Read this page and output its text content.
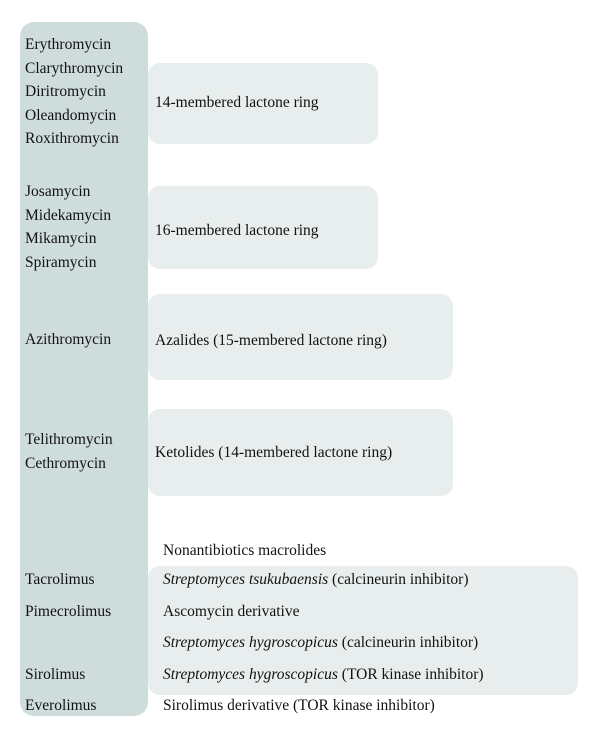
Erythromycin
Clarythromycin
Diritromycin
Oleandomycin
Roxithromycin
14-membered lactone ring
Josamycin
Midekamycin
Mikamycin
Spiramycin
16-membered lactone ring
Azithromycin	Azalides (15-membered lactone ring)
Telithromycin
Cethromycin
Ketolides (14-membered lactone ring)
Nonantibiotics macrolides
Tacrolimus
Pimecrolimus

Sirolimus
Everolimus
Streptomyces tsukubaensis (calcineurin inhibitor)
Ascomycin derivative
Streptomyces hygroscopicus (calcineurin inhibitor)
Streptomyces hygroscopicus (TOR kinase inhibitor)
Sirolimus derivative (TOR kinase inhibitor)
